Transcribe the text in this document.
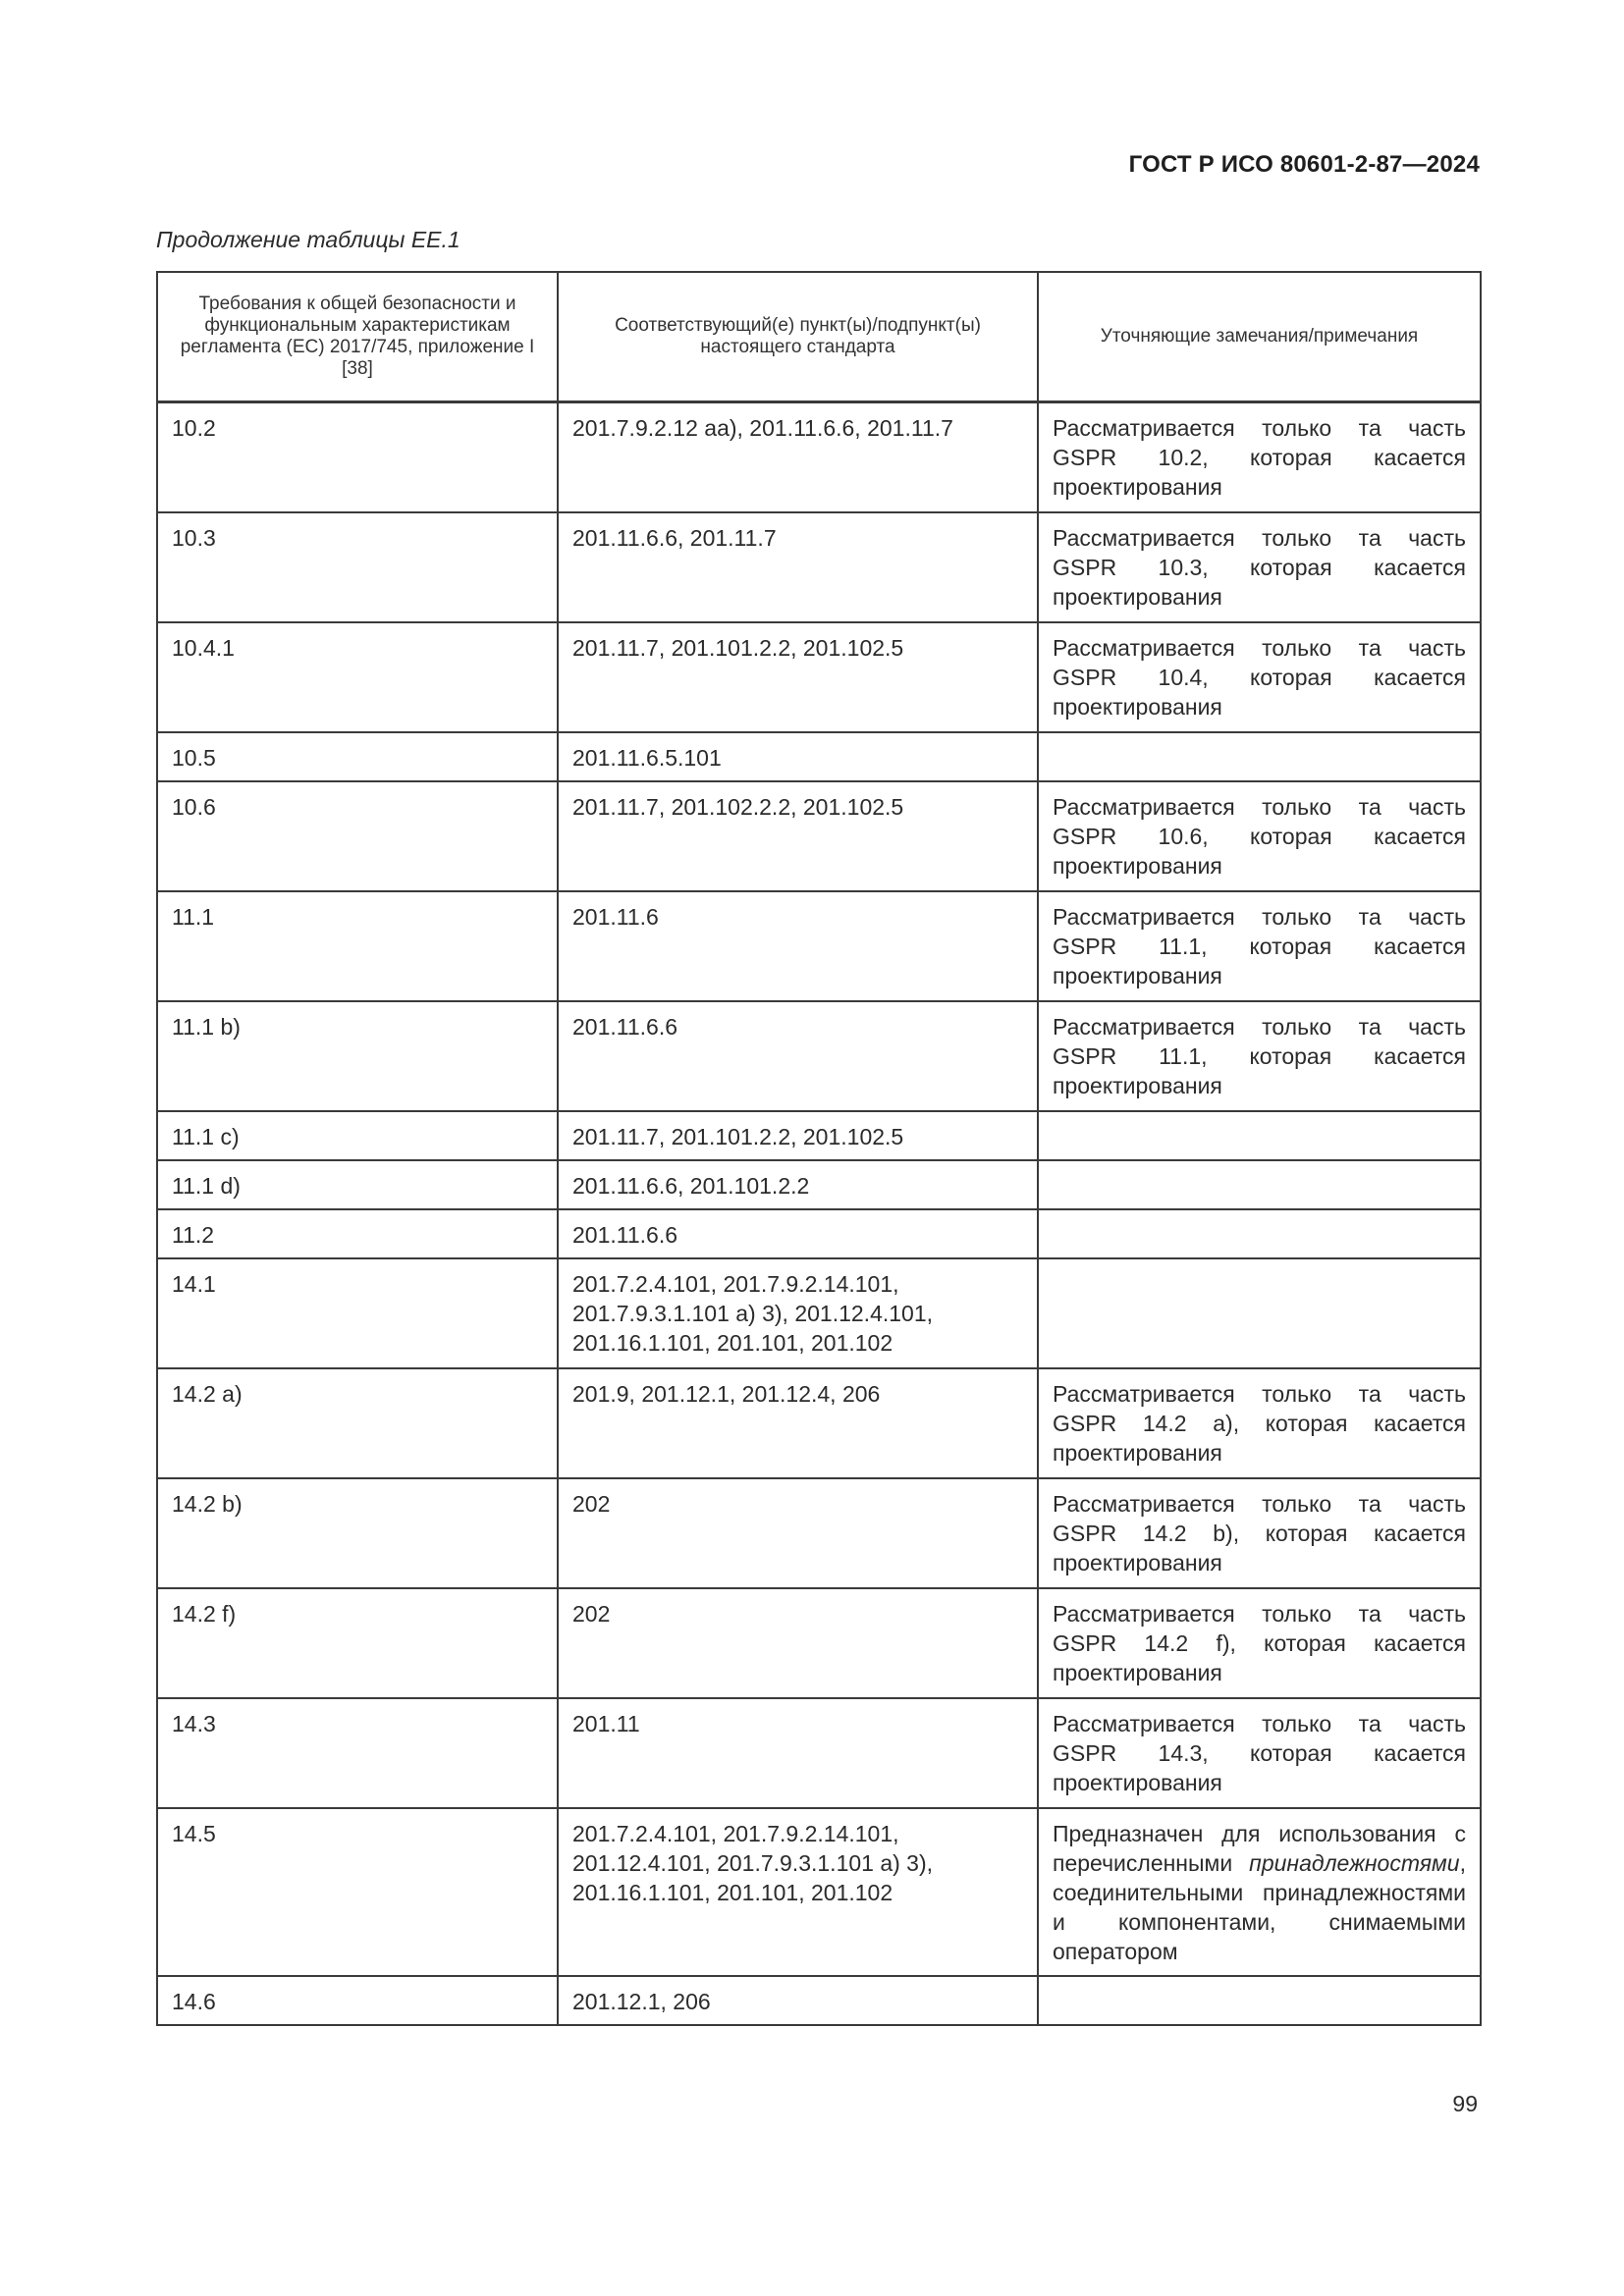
ГОСТ Р ИСО 80601-2-87—2024
Продолжение таблицы ЕЕ.1
Требования к общей безопасности и функциональным характеристикам регламента (ЕС) 2017/745, приложение I [38]	Соответствующий(е) пункт(ы)/подпункт(ы) настоящего стандарта	Уточняющие замечания/примечания
10.2	201.7.9.2.12 aa), 201.11.6.6, 201.11.7	Рассматривается только та часть GSPR 10.2, которая касается проектирования
10.3	201.11.6.6, 201.11.7	Рассматривается только та часть GSPR 10.3, которая касается проектирования
10.4.1	201.11.7, 201.101.2.2, 201.102.5	Рассматривается только та часть GSPR 10.4, которая касается проектирования
10.5	201.11.6.5.101	
10.6	201.11.7, 201.102.2.2, 201.102.5	Рассматривается только та часть GSPR 10.6, которая касается проектирования
11.1	201.11.6	Рассматривается только та часть GSPR 11.1, которая касается проектирования
11.1 b)	201.11.6.6	Рассматривается только та часть GSPR 11.1, которая касается проектирования
11.1 c)	201.11.7, 201.101.2.2, 201.102.5	
11.1 d)	201.11.6.6, 201.101.2.2	
11.2	201.11.6.6	
14.1	201.7.2.4.101, 201.7.9.2.14.101, 201.7.9.3.1.101 a) 3), 201.12.4.101, 201.16.1.101, 201.101, 201.102	
14.2 a)	201.9, 201.12.1, 201.12.4, 206	Рассматривается только та часть GSPR 14.2 a), которая касается проектирования
14.2 b)	202	Рассматривается только та часть GSPR 14.2 b), которая касается проектирования
14.2 f)	202	Рассматривается только та часть GSPR 14.2 f), которая касается проектирования
14.3	201.11	Рассматривается только та часть GSPR 14.3, которая касается проектирования
14.5	201.7.2.4.101, 201.7.9.2.14.101, 201.12.4.101, 201.7.9.3.1.101 a) 3), 201.16.1.101, 201.101, 201.102	Предназначен для использования с перечисленными принадлежностями, соединительными принадлежностями и компонентами, снимаемыми оператором
14.6	201.12.1, 206	
99
